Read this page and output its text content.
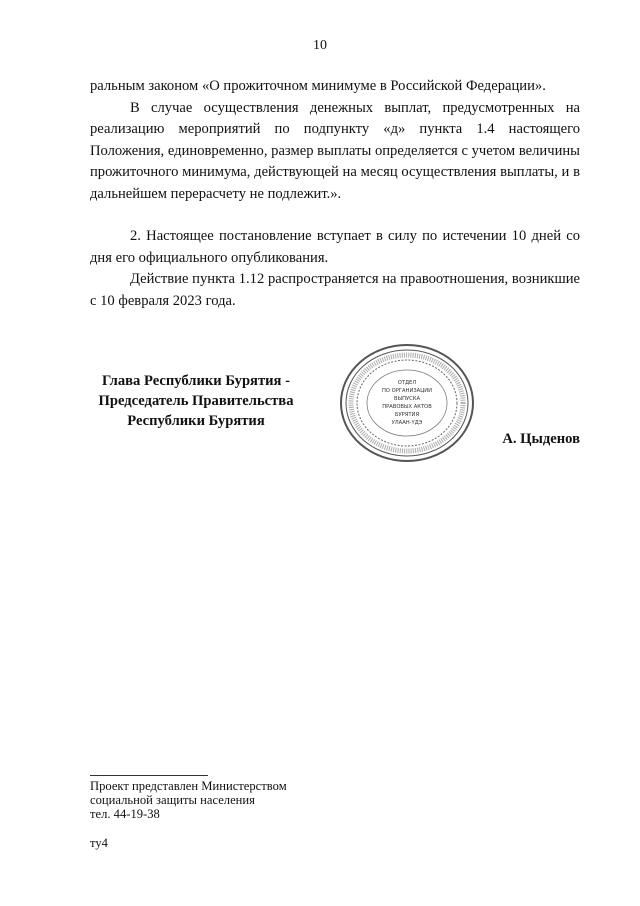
10

ральным законом «О прожиточном минимуме в Российской Федерации».

В случае осуществления денежных выплат, предусмотренных на реализацию мероприятий по подпункту «д» пункта 1.4 настоящего Положения, единовременно, размер выплаты определяется с учетом величины прожиточного минимума, действующей на месяц осуществления выплаты, и в дальнейшем перерасчету не подлежит.».

2. Настоящее постановление вступает в силу по истечении 10 дней со дня его официального опубликования.

Действие пункта 1.12 распространяется на правоотношения, возникшие с 10 февраля 2023 года.

Глава Республики Бурятия -
Председатель Правительства
Республики Бурятия
ОТДЕЛ
ПО ОРГАНИЗАЦИИ
ВЫПУСКА
ПРАВОВЫХ АКТОВ
БУРЯТИЯ
УЛААН-ҮДЭ
А. Цыденов
Проект представлен Министерством
социальной защиты населения
тел. 44-19-38
ту4
